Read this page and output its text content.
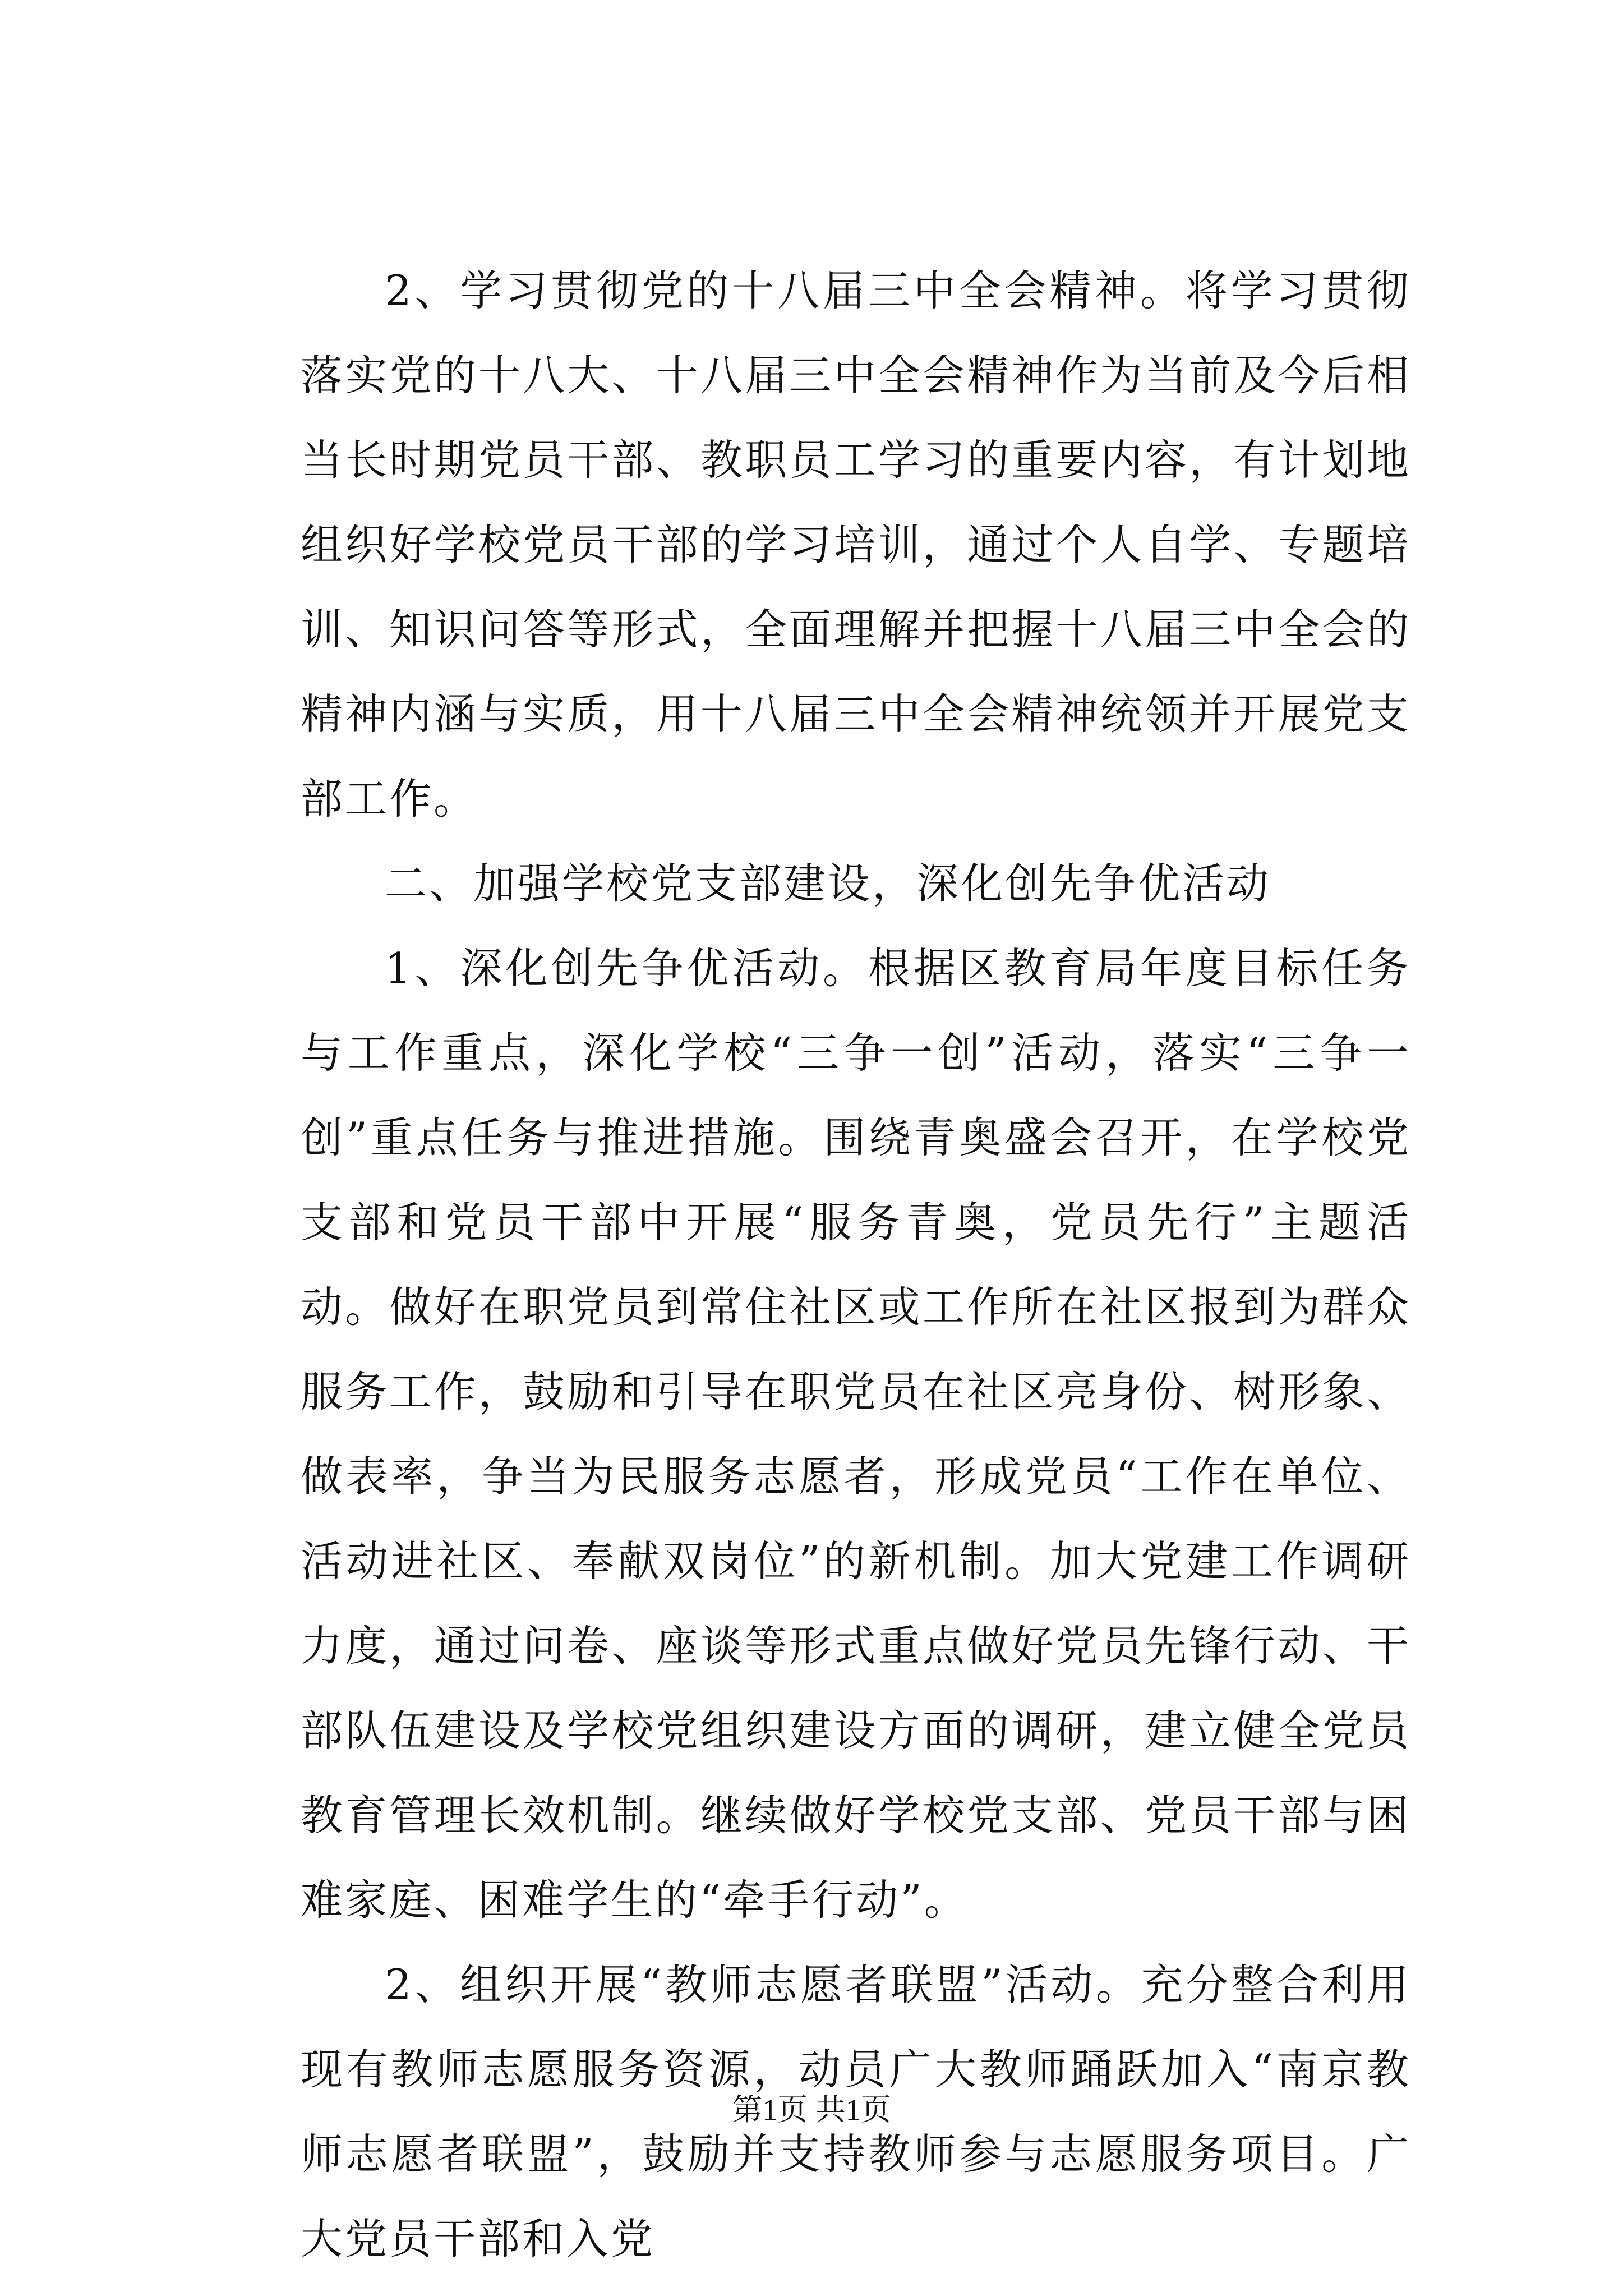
2、学习贯彻党的十八届三中全会精神。将学习贯彻落实党的十八大、十八届三中全会精神作为当前及今后相当长时期党员干部、教职员工学习的重要内容，有计划地组织好学校党员干部的学习培训，通过个人自学、专题培训、知识问答等形式，全面理解并把握十八届三中全会的精神内涵与实质，用十八届三中全会精神统领并开展党支部工作。

二、加强学校党支部建设，深化创先争优活动

1、深化创先争优活动。根据区教育局年度目标任务与工作重点，深化学校“三争一创”活动，落实“三争一创”重点任务与推进措施。围绕青奥盛会召开，在学校党支部和党员干部中开展“服务青奥，党员先行”主题活动。做好在职党员到常住社区或工作所在社区报到为群众服务工作，鼓励和引导在职党员在社区亮身份、树形象、做表率，争当为民服务志愿者，形成党员“工作在单位、活动进社区、奉献双岗位”的新机制。加大党建工作调研力度，通过问卷、座谈等形式重点做好党员先锋行动、干部队伍建设及学校党组织建设方面的调研，建立健全党员教育管理长效机制。继续做好学校党支部、党员干部与困难家庭、困难学生的“牵手行动”。

2、组织开展“教师志愿者联盟”活动。充分整合利用现有教师志愿服务资源，动员广大教师踊跃加入“南京教师志愿者联盟”，鼓励并支持教师参与志愿服务项目。广大党员干部和入党

第1页 共1页
